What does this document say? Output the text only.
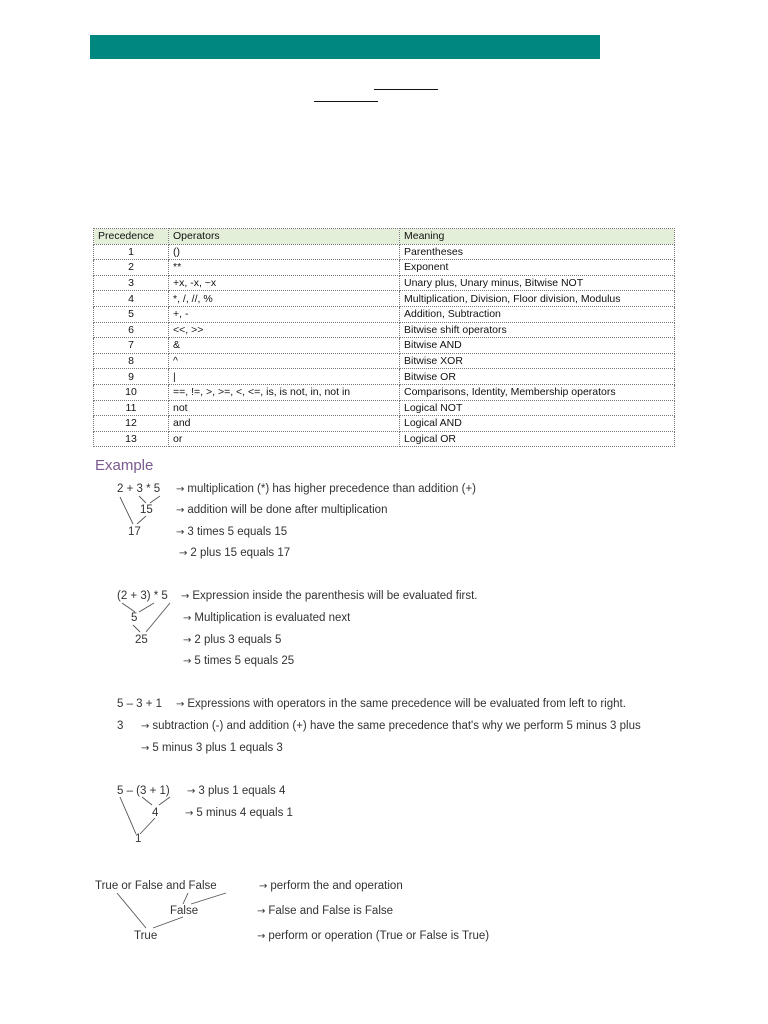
Precedence	Operators	Meaning
1	()	Parentheses
2	**	Exponent
3	+x, -x, ~x	Unary plus, Unary minus, Bitwise NOT
4	*, /, //, %	Multiplication, Division, Floor division, Modulus
5	+, -	Addition, Subtraction
6	<<, >>	Bitwise shift operators
7	&	Bitwise AND
8	^	Bitwise XOR
9	|	Bitwise OR
10	==, !=, >, >=, <, <=, is, is not, in, not in	Comparisons, Identity, Membership operators
11	not	Logical NOT
12	and	Logical AND
13	or	Logical OR
Example
2 + 3 * 5 → multiplication (*) has higher precedence than addition (+)
15 → addition will be done after multiplication
17	→ 3 times 5 equals 15
→ 2 plus 15 equals 17
(2 + 3) * 5 → Expression inside the parenthesis will be evaluated first.
5	→ Multiplication is evaluated next
25	→ 2 plus 3 equals 5
→ 5 times 5 equals 25
5 – 3 + 1 → Expressions with operators in the same precedence will be evaluated from left to right.
3 → subtraction (-) and addition (+) have the same precedence that's why we perform 5 minus 3 plus
→ 5 minus 3 plus 1 equals 3
5 – (3 + 1) → 3 plus 1 equals 4
4	→ 5 minus 4 equals 1
1
True or False and False	→ perform the and operation
False	→ False and False is False
True	→ perform or operation (True or False is True)
